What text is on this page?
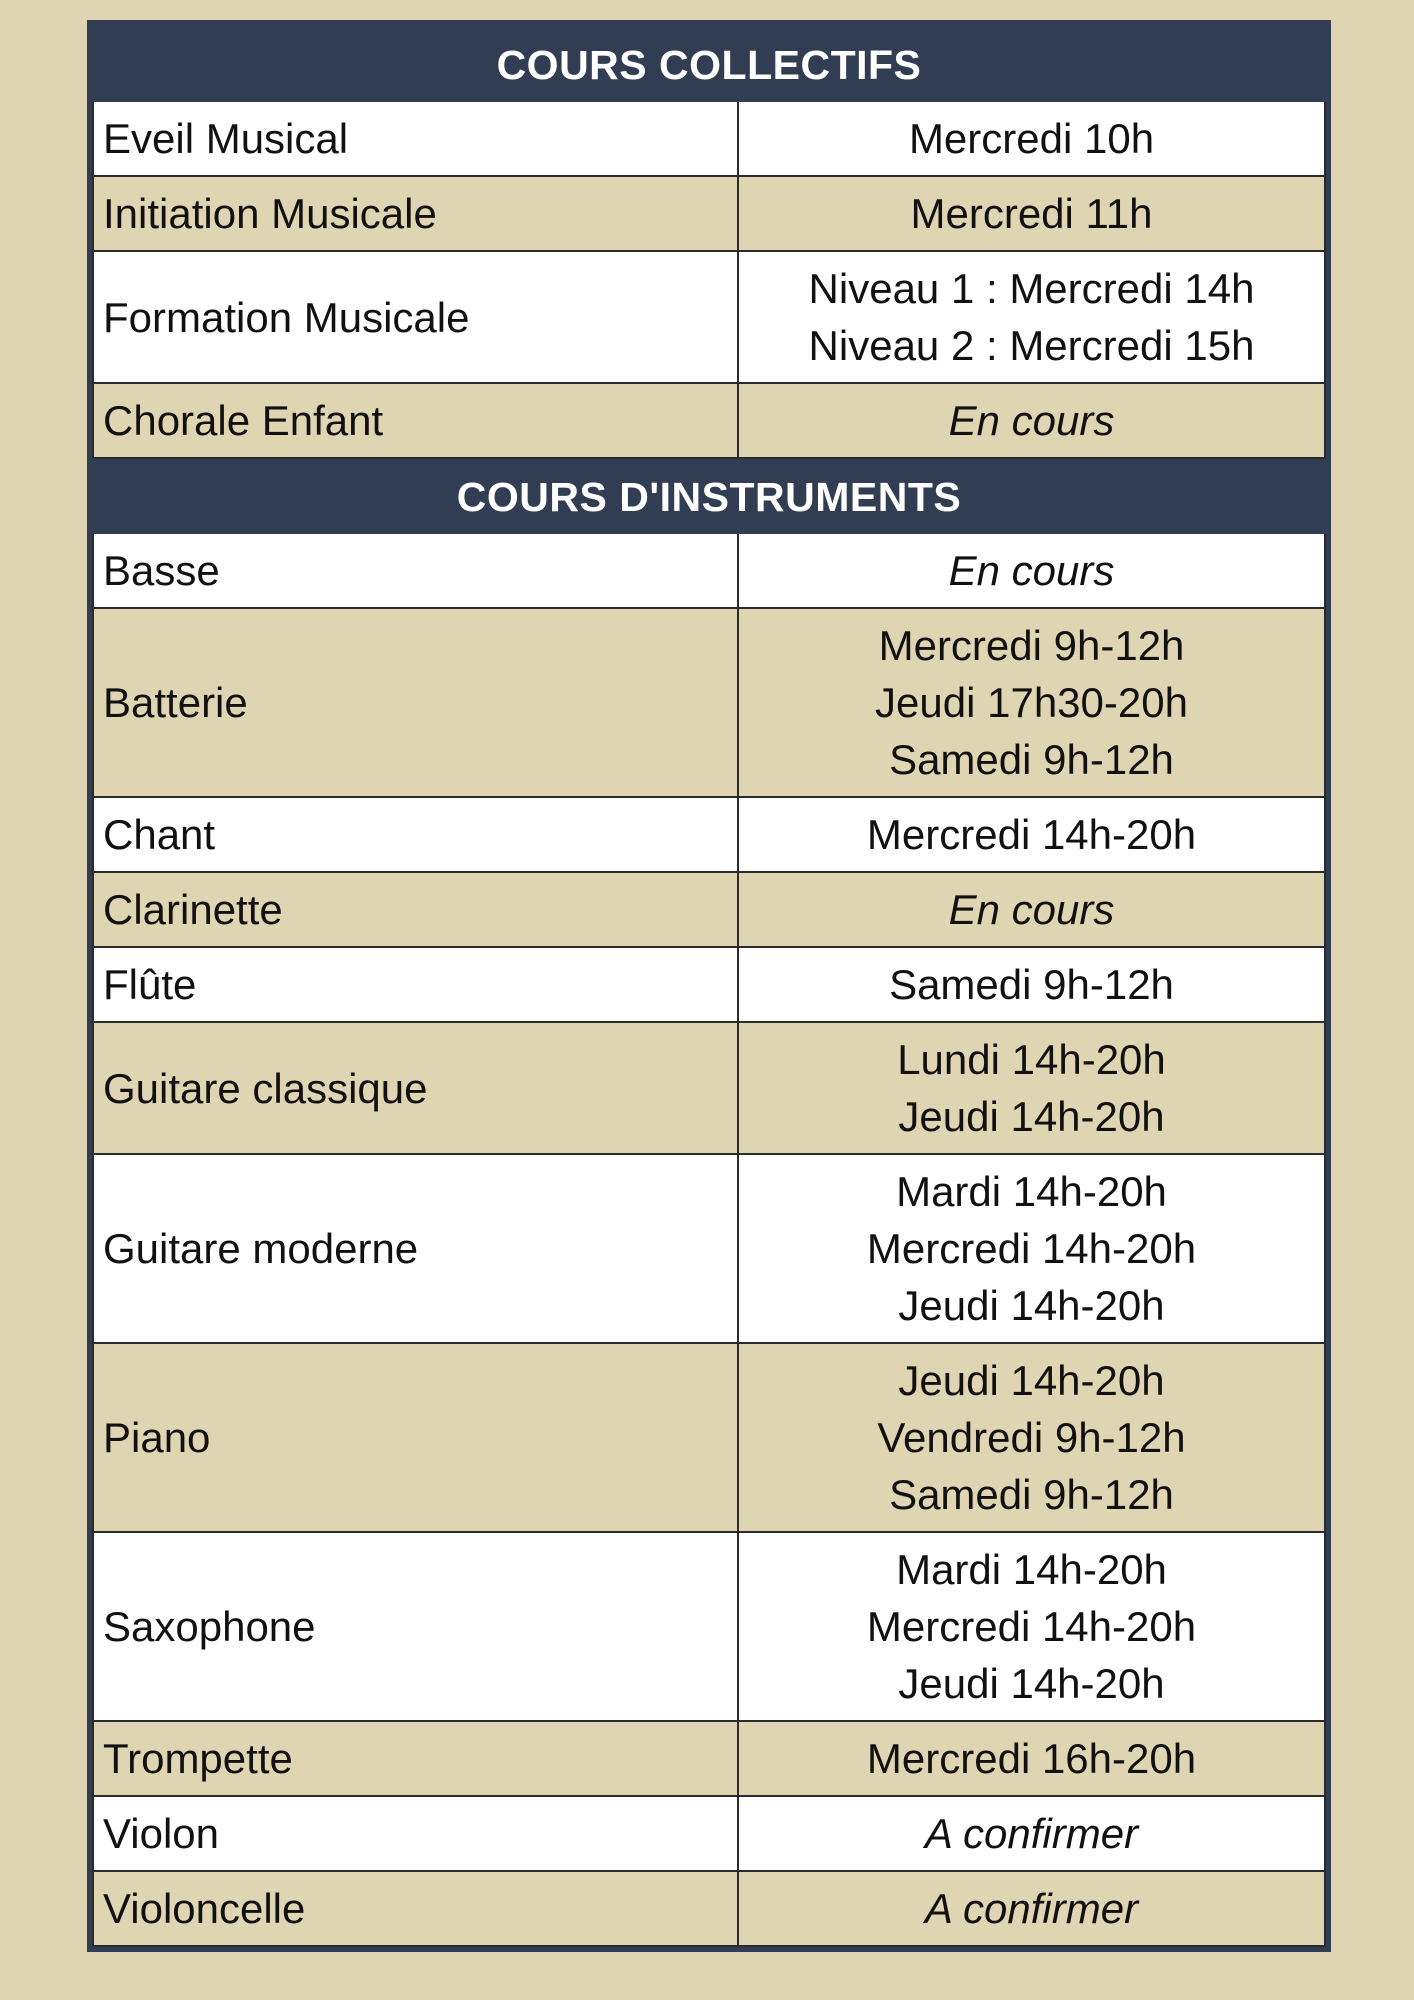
COURS COLLECTIFS	
Eveil Musical	Mercredi 10h

Initiation Musicale	Mercredi 11h

Formation Musicale	Niveau 1 : Mercredi 14h
Niveau 2 : Mercredi 15h

Chorale Enfant	En cours

COURS D'INSTRUMENTS	
Basse	En cours

Batterie	Mercredi 9h-12h
Jeudi 17h30-20h
Samedi 9h-12h

Chant	Mercredi 14h-20h

Clarinette	En cours

Flûte	Samedi 9h-12h

Guitare classique	Lundi 14h-20h
Jeudi 14h-20h

Guitare moderne	Mardi 14h-20h
Mercredi 14h-20h
Jeudi 14h-20h

Piano	Jeudi 14h-20h
Vendredi 9h-12h
Samedi 9h-12h

Saxophone	Mardi 14h-20h
Mercredi 14h-20h
Jeudi 14h-20h

Trompette	Mercredi 16h-20h

Violon	A confirmer

Violoncelle	A confirmer
